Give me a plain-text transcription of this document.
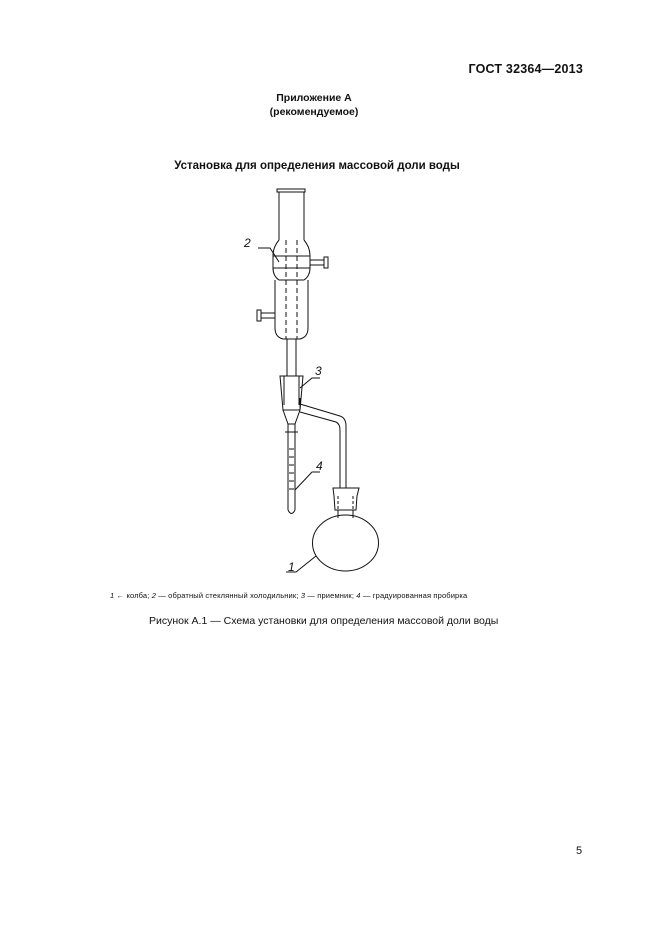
ГОСТ 32364—2013
Приложение А
(рекомендуемое)
Установка для определения массовой доли воды
2
3
4
1
1 ← колба; 2 — обратный стеклянный холодильник; 3 — приемник; 4 — градуированная пробирка
Рисунок А.1 — Схема установки для определения массовой доли воды
5
